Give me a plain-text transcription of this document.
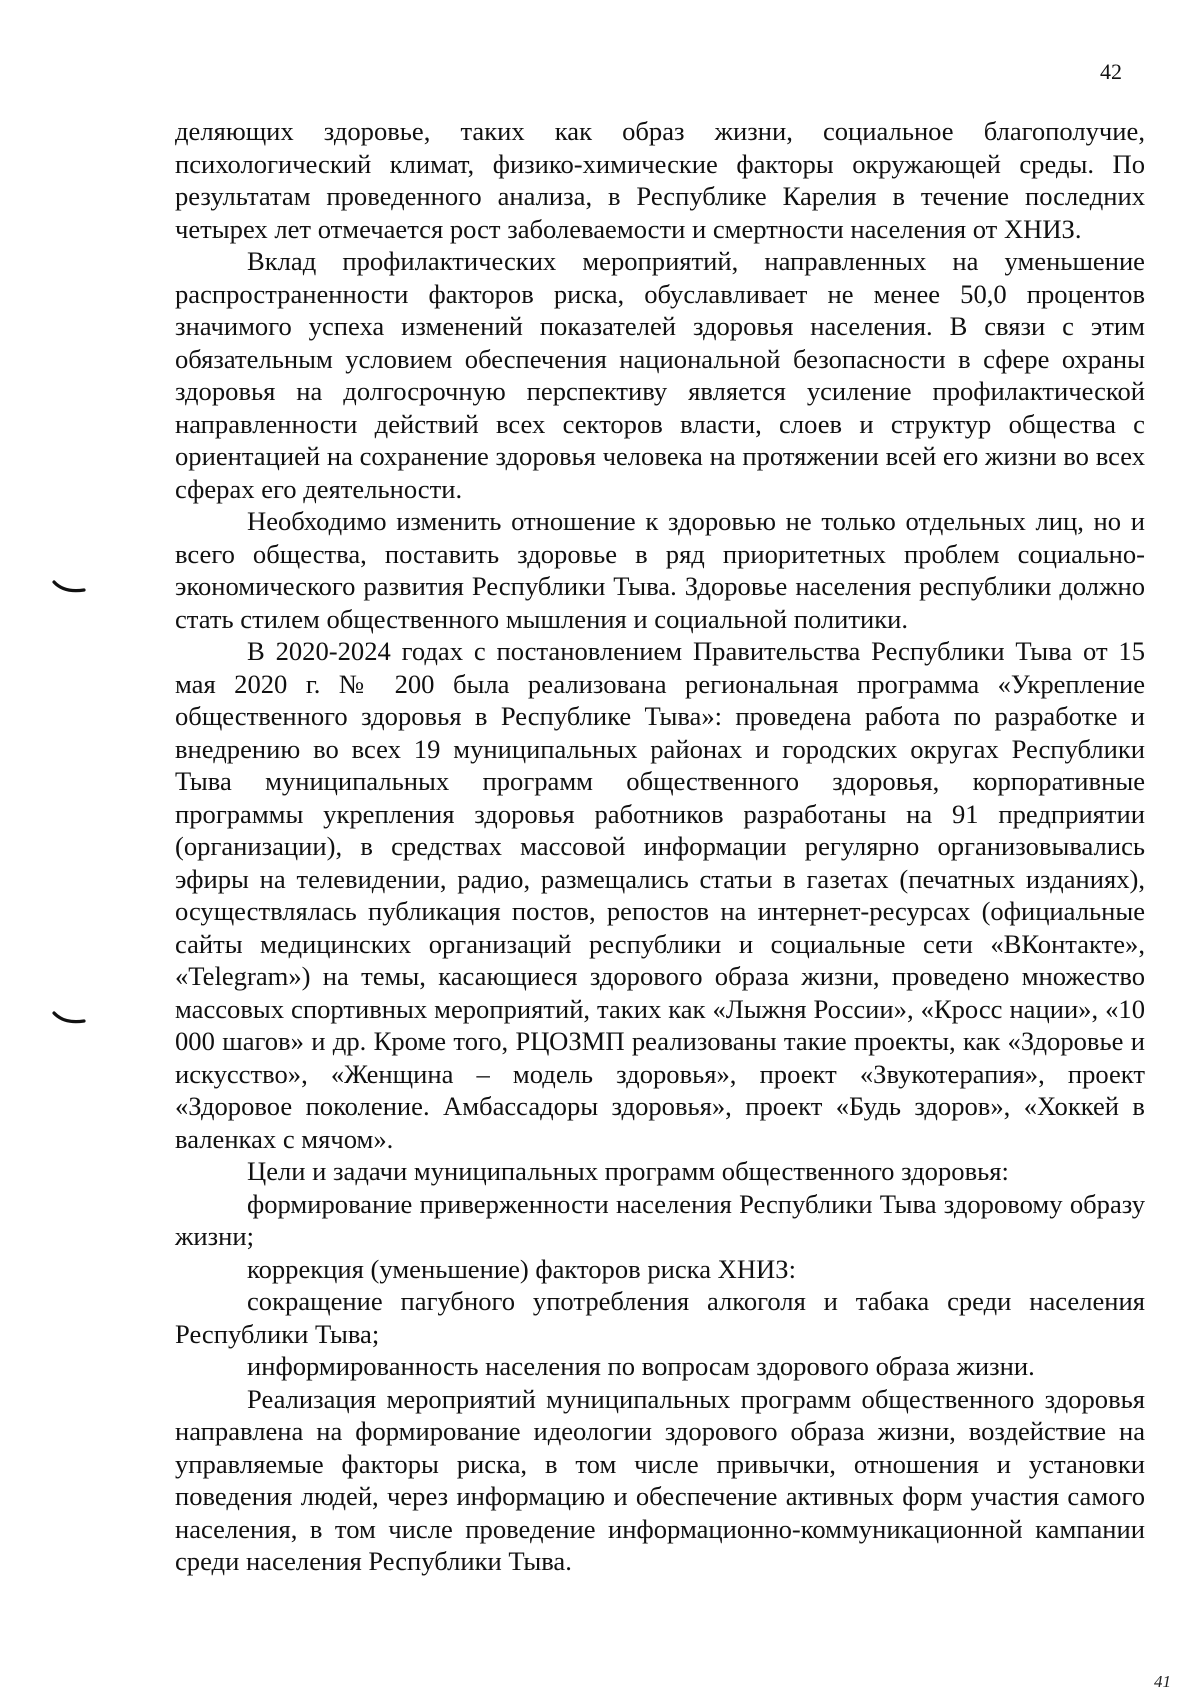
42

деляющих здоровье, таких как образ жизни, социальное благополучие, психологический климат, физико-химические факторы окружающей среды. По результатам проведенного анализа, в Республике Карелия в течение последних четырех лет отмечается рост заболеваемости и смертности населения от ХНИЗ.

Вклад профилактических мероприятий, направленных на уменьшение распространенности факторов риска, обуславливает не менее 50,0 процентов значимого успеха изменений показателей здоровья населения. В связи с этим обязательным условием обеспечения национальной безопасности в сфере охраны здоровья на долгосрочную перспективу является усиление профилактической направленности действий всех секторов власти, слоев и структур общества с ориентацией на сохранение здоровья человека на протяжении всей его жизни во всех сферах его деятельности.

Необходимо изменить отношение к здоровью не только отдельных лиц, но и всего общества, поставить здоровье в ряд приоритетных проблем социально-экономического развития Республики Тыва. Здоровье населения республики должно стать стилем общественного мышления и социальной политики.

В 2020-2024 годах с постановлением Правительства Республики Тыва от 15 мая 2020 г. № 200 была реализована региональная программа «Укрепление общественного здоровья в Республике Тыва»: проведена работа по разработке и внедрению во всех 19 муниципальных районах и городских округах Республики Тыва муниципальных программ общественного здоровья, корпоративные программы укрепления здоровья работников разработаны на 91 предприятии (организации), в средствах массовой информации регулярно организовывались эфиры на телевидении, радио, размещались статьи в газетах (печатных изданиях), осуществлялась публикация постов, репостов на интернет-ресурсах (официальные сайты медицинских организаций республики и социальные сети «ВКонтакте», «Telegram») на темы, касающиеся здорового образа жизни, проведено множество массовых спортивных мероприятий, таких как «Лыжня России», «Кросс нации», «10 000 шагов» и др. Кроме того, РЦОЗМП реализованы такие проекты, как «Здоровье и искусство», «Женщина – модель здоровья», проект «Звукотерапия», проект «Здоровое поколение. Амбассадоры здоровья», проект «Будь здоров», «Хоккей в валенках с мячом».

Цели и задачи муниципальных программ общественного здоровья:

формирование приверженности населения Республики Тыва здоровому образу жизни;

коррекция (уменьшение) факторов риска ХНИЗ:

сокращение пагубного употребления алкоголя и табака среди населения Республики Тыва;

информированность населения по вопросам здорового образа жизни.

Реализация мероприятий муниципальных программ общественного здоровья направлена на формирование идеологии здорового образа жизни, воздействие на управляемые факторы риска, в том числе привычки, отношения и установки поведения людей, через информацию и обеспечение активных форм участия самого населения, в том числе проведение информационно-коммуникационной кампании среди населения Республики Тыва.

41
